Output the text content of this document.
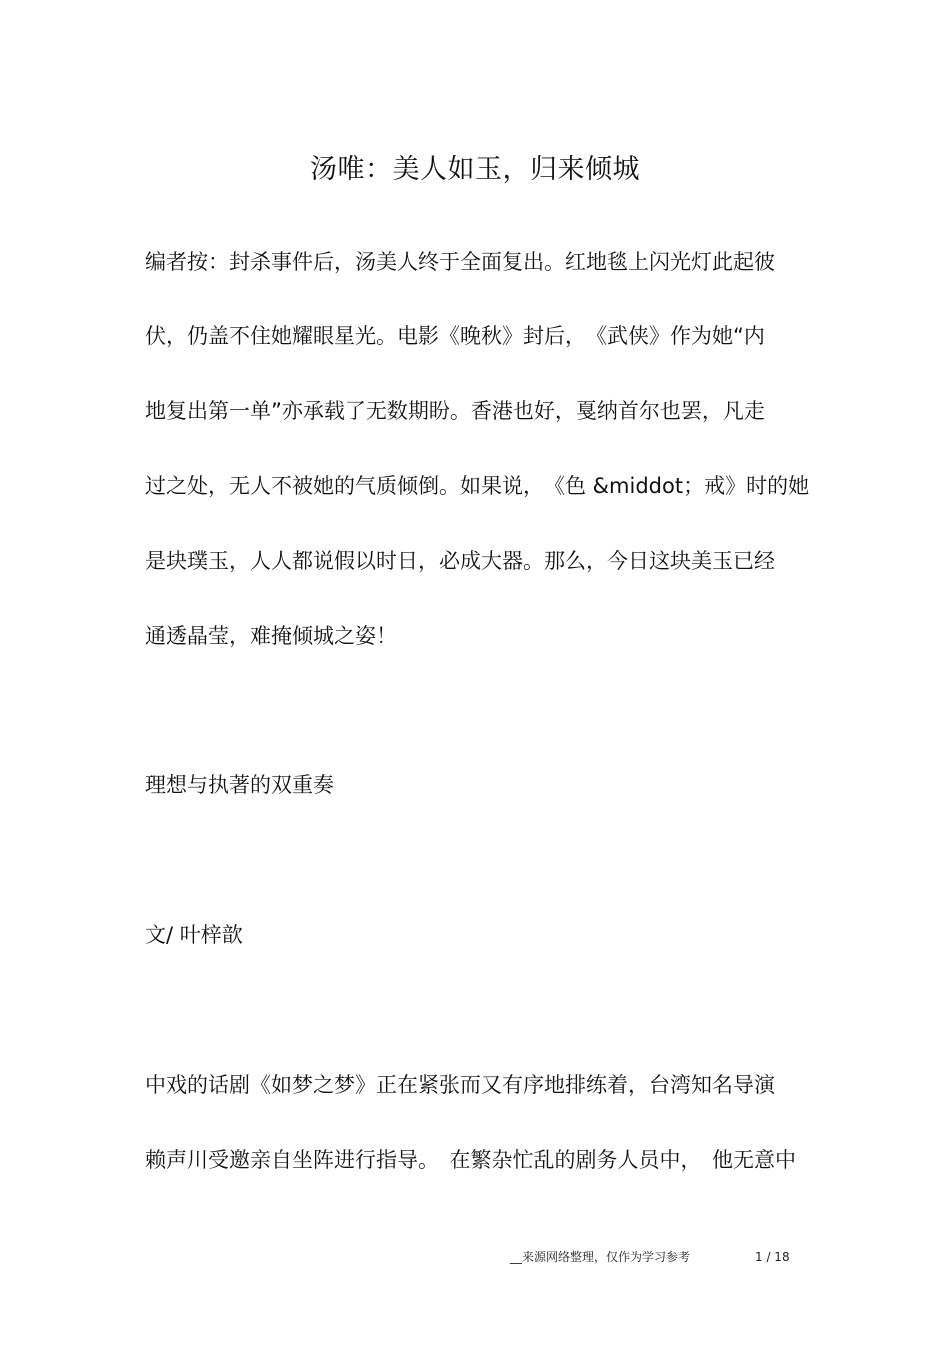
汤唯：美人如玉，归来倾城
编者按：封杀事件后，汤美人终于全面复出。红地毯上闪光灯此起彼
伏，仍盖不住她耀眼星光。电影《晚秋》封后，　《武侠》作为她“内
地复出第一单”亦承载了无数期盼。香港也好，戛纳首尔也罢，凡走
过之处，无人不被她的气质倾倒。如果说，　《色 &middot；戒》时的她
是块璞玉，人人都说假以时日，必成大器。那么，今日这块美玉已经
通透晶莹，难掩倾城之姿！
理想与执著的双重奏
文/ 叶梓歆
中戏的话剧《如梦之梦》正在紧张而又有序地排练着，台湾知名导演
赖声川受邀亲自坐阵进行指导。　在繁杂忙乱的剧务人员中，　他无意中
__来源网络整理，仅作为学习参考	1 / 18
